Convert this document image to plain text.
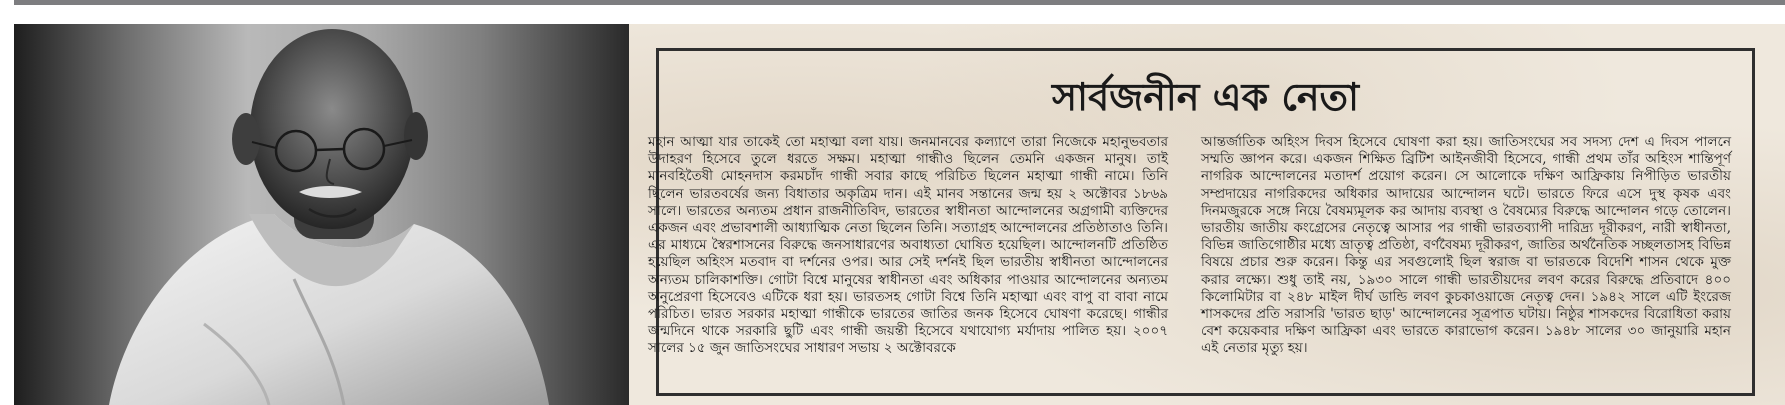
সার্বজনীন এক নেতা

মহান আত্মা যার তাকেই তো মহাত্মা বলা যায়। জনমানবের কল্যাণে তারা নিজেকে মহানুভবতার উদাহরণ হিসেবে তুলে ধরতে সক্ষম। মহাত্মা গান্ধীও ছিলেন তেমনি একজন মানুষ। তাই মানবহিতৈষী মোহনদাস করমচাঁদ গান্ধী সবার কাছে পরিচিত ছিলেন মহাত্মা গান্ধী নামে। তিনি ছিলেন ভারতবর্ষের জন্য বিধাতার অকৃত্রিম দান। এই মানব সন্তানের জন্ম হয় ২ অক্টোবর ১৮৬৯ সালে। ভারতের অন্যতম প্রধান রাজনীতিবিদ, ভারতের স্বাধীনতা আন্দোলনের অগ্রগামী ব্যক্তিদের একজন এবং প্রভাবশালী আধ্যাত্মিক নেতা ছিলেন তিনি। সত্যাগ্রহ আন্দোলনের প্রতিষ্ঠাতাও তিনি। এর মাধ্যমে স্বৈরশাসনের বিরুদ্ধে জনসাধারণের অবাধ্যতা ঘোষিত হয়েছিল। আন্দোলনটি প্রতিষ্ঠিত হয়েছিল অহিংস মতবাদ বা দর্শনের ওপর। আর সেই দর্শনই ছিল ভারতীয় স্বাধীনতা আন্দোলনের অন্যতম চালিকাশক্তি। গোটা বিশ্বে মানুষের স্বাধীনতা এবং অধিকার পাওয়ার আন্দোলনের অন্যতম অনুপ্রেরণা হিসেবেও এটিকে ধরা হয়। ভারতসহ গোটা বিশ্বে তিনি মহাত্মা এবং বাপু বা বাবা নামে পরিচিত। ভারত সরকার মহাত্মা গান্ধীকে ভারতের জাতির জনক হিসেবে ঘোষণা করেছে। গান্ধীর জন্মদিনে থাকে সরকারি ছুটি এবং গান্ধী জয়ন্তী হিসেবে যথাযোগ্য মর্যাদায় পালিত হয়। ২০০৭ সালের ১৫ জুন জাতিসংঘের সাধারণ সভায় ২ অক্টোবরকে

আন্তর্জাতিক অহিংস দিবস হিসেবে ঘোষণা করা হয়। জাতিসংঘের সব সদস্য দেশ এ দিবস পালনে সম্মতি জ্ঞাপন করে। একজন শিক্ষিত ব্রিটিশ আইনজীবী হিসেবে, গান্ধী প্রথম তাঁর অহিংস শান্তিপূর্ণ নাগরিক আন্দোলনের মতাদর্শ প্রয়োগ করেন। সে আলোকে দক্ষিণ আফ্রিকায় নিপীড়িত ভারতীয় সম্প্রদায়ের নাগরিকদের অধিকার আদায়ের আন্দোলন ঘটে। ভারতে ফিরে এসে দুস্থ কৃষক এবং দিনমজুরকে সঙ্গে নিয়ে বৈষম্যমূলক কর আদায় ব্যবস্থা ও বৈষম্যের বিরুদ্ধে আন্দোলন গড়ে তোলেন। ভারতীয় জাতীয় কংগ্রেসের নেতৃত্বে আসার পর গান্ধী ভারতব্যাপী দারিদ্র্য দূরীকরণ, নারী স্বাধীনতা, বিভিন্ন জাতিগোষ্ঠীর মধ্যে ভ্রাতৃত্ব প্রতিষ্ঠা, বর্ণবৈষম্য দূরীকরণ, জাতির অর্থনৈতিক সচ্ছলতাসহ বিভিন্ন বিষয়ে প্রচার শুরু করেন। কিন্তু এর সবগুলোই ছিল স্বরাজ বা ভারতকে বিদেশি শাসন থেকে মুক্ত করার লক্ষ্যে। শুধু তাই নয়, ১৯৩০ সালে গান্ধী ভারতীয়দের লবণ করের বিরুদ্ধে প্রতিবাদে ৪০০ কিলোমিটার বা ২৪৮ মাইল দীর্ঘ ডান্ডি লবণ কুচকাওয়াজে নেতৃত্ব দেন। ১৯৪২ সালে এটি ইংরেজ শাসকদের প্রতি সরাসরি 'ভারত ছাড়' আন্দোলনের সূত্রপাত ঘটায়। নিষ্ঠুর শাসকদের বিরোধিতা করায় বেশ কয়েকবার দক্ষিণ আফ্রিকা এবং ভারতে কারাভোগ করেন। ১৯৪৮ সালের ৩০ জানুয়ারি মহান এই নেতার মৃত্যু হয়।
